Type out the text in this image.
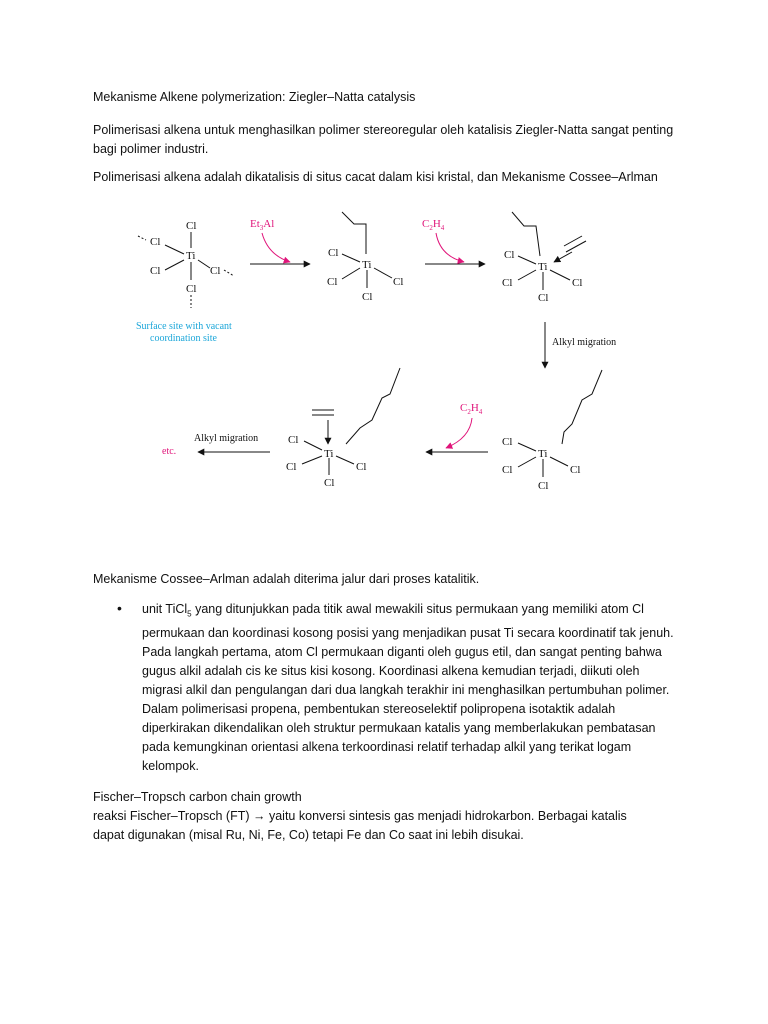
Mekanisme Alkene polymerization: Ziegler–Natta catalysis

Polimerisasi alkena untuk menghasilkan polimer stereoregular oleh katalisis Ziegler-Natta sangat penting bagi polimer industri.

Polimerisasi alkena adalah dikatalisis di situs cacat dalam kisi kristal, dan Mekanisme Cossee–Arlman

Cl
Cl
Ti
Cl	Cl
Cl
Surface site with vacant
coordination site
$Et_3Al$
Ti
Cl
Cl	Cl
Cl
$C_2H_4$
Ti
Cl
Cl	Cl
Cl
Alkyl migration
Ti
Cl
Cl	Cl
Cl
$C_2H_4$
Ti
Cl
Cl	Cl
Cl
Alkyl migration
etc.

Mekanisme Cossee–Arlman adalah diterima jalur dari proses katalitik.

• unit TiCl$_5$ yang ditunjukkan pada titik awal mewakili situs permukaan yang memiliki atom Cl permukaan dan koordinasi kosong posisi yang menjadikan pusat Ti secara koordinatif tak jenuh. Pada langkah pertama, atom Cl permukaan diganti oleh gugus etil, dan sangat penting bahwa gugus alkil adalah cis ke situs kisi kosong. Koordinasi alkena kemudian terjadi, diikuti oleh migrasi alkil dan pengulangan dari dua langkah terakhir ini menghasilkan pertumbuhan polimer. Dalam polimerisasi propena, pembentukan stereoselektif polipropena isotaktik adalah diperkirakan dikendalikan oleh struktur permukaan katalis yang memberlakukan pembatasan pada kemungkinan orientasi alkena terkoordinasi relatif terhadap alkil yang terikat logam kelompok.

Fischer–Tropsch carbon chain growth

reaksi Fischer–Tropsch (FT) → yaitu konversi sintesis gas menjadi hidrokarbon. Berbagai katalis

dapat digunakan (misal Ru, Ni, Fe, Co) tetapi Fe dan Co saat ini lebih disukai.
